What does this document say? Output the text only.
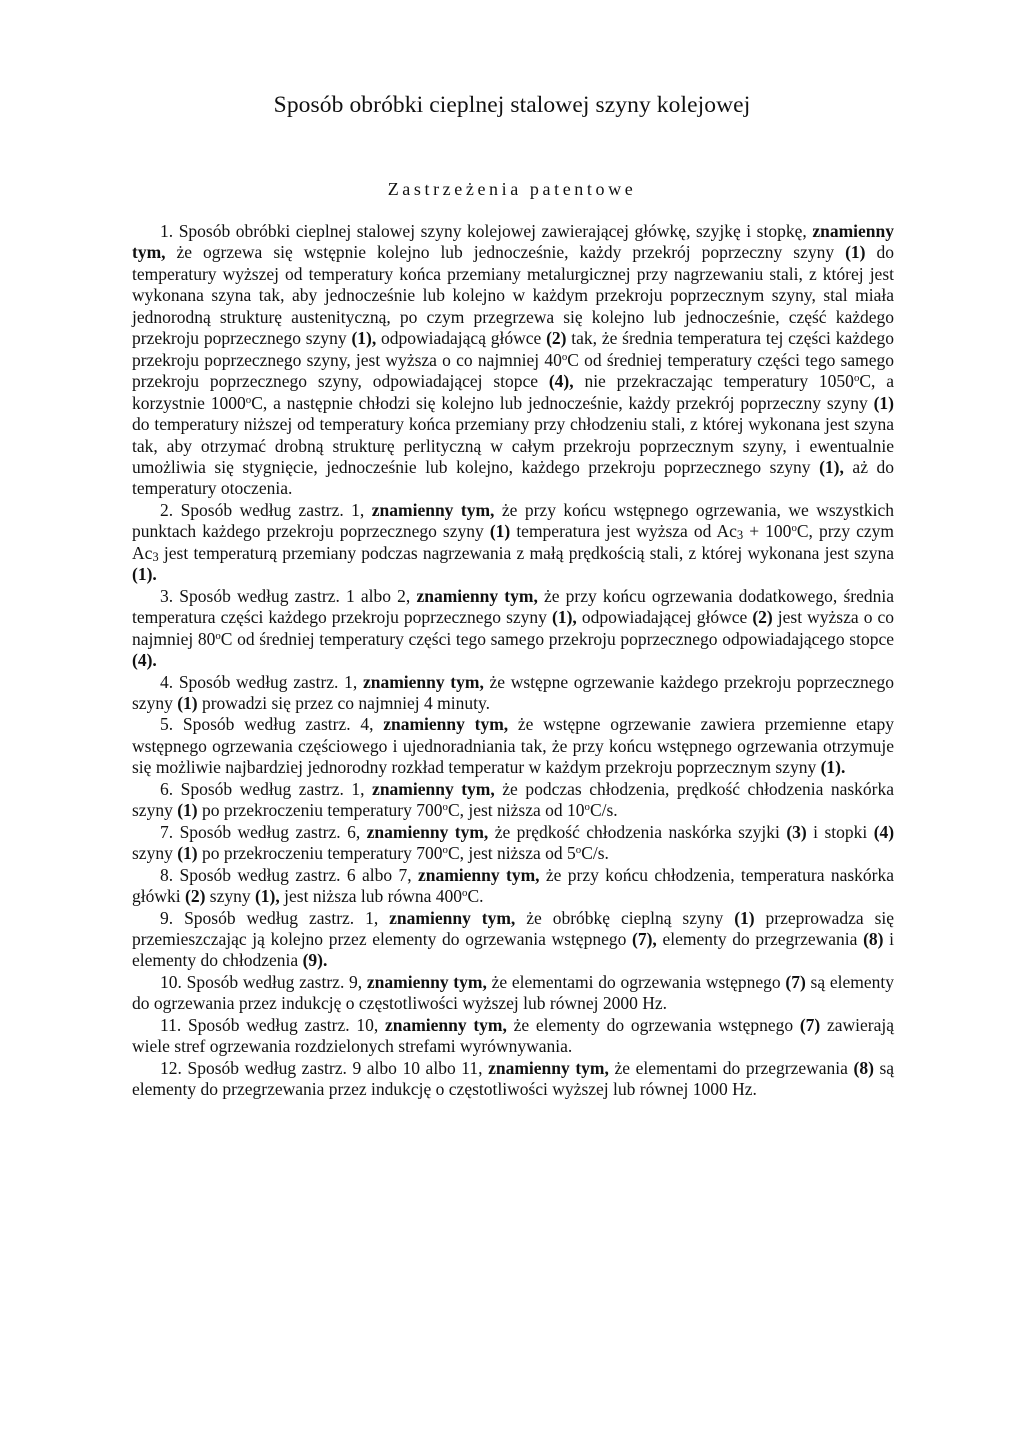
Sposób obróbki cieplnej stalowej szyny kolejowej
Zastrzeżenia patentowe

1. Sposób obróbki cieplnej stalowej szyny kolejowej zawierającej główkę, szyjkę i stopkę, znamienny tym, że ogrzewa się wstępnie kolejno lub jednocześnie, każdy przekrój poprzeczny szyny (1) do temperatury wyższej od temperatury końca przemiany metalurgicznej przy nagrzewaniu stali, z której jest wykonana szyna tak, aby jednocześnie lub kolejno w każdym przekroju poprzecznym szyny, stal miała jednorodną strukturę austenityczną, po czym przegrzewa się kolejno lub jednocześnie, część każdego przekroju poprzecznego szyny (1), odpowiadającą główce (2) tak, że średnia temperatura tej części każdego przekroju poprzecznego szyny, jest wyższa o co najmniej 40$^o$C od średniej temperatury części tego samego przekroju poprzecznego szyny, odpowiadającej stopce (4), nie przekraczając temperatury 1050$^o$C, a korzystnie 1000$^o$C, a następnie chłodzi się kolejno lub jednocześnie, każdy przekrój poprzeczny szyny (1) do temperatury niższej od temperatury końca przemiany przy chłodzeniu stali, z której wykonana jest szyna tak, aby otrzymać drobną strukturę perlityczną w całym przekroju poprzecznym szyny, i ewentualnie umożliwia się stygnięcie, jednocześnie lub kolejno, każdego przekroju poprzecznego szyny (1), aż do temperatury otoczenia.

2. Sposób według zastrz. 1, znamienny tym, że przy końcu wstępnego ogrzewania, we wszystkich punktach każdego przekroju poprzecznego szyny (1) temperatura jest wyższa od $Ac_3 + 100^oC$, przy czym $Ac_3$ jest temperaturą przemiany podczas nagrzewania z małą prędkością stali, z której wykonana jest szyna (1).

3. Sposób według zastrz. 1 albo 2, znamienny tym, że przy końcu ogrzewania dodatkowego, średnia temperatura części każdego przekroju poprzecznego szyny (1), odpowiadającej główce (2) jest wyższa o co najmniej 80$^o$C od średniej temperatury części tego samego przekroju poprzecznego odpowiadającego stopce (4).

4. Sposób według zastrz. 1, znamienny tym, że wstępne ogrzewanie każdego przekroju poprzecznego szyny (1) prowadzi się przez co najmniej 4 minuty.

5. Sposób według zastrz. 4, znamienny tym, że wstępne ogrzewanie zawiera przemienne etapy wstępnego ogrzewania częściowego i ujednoradniania tak, że przy końcu wstępnego ogrzewania otrzymuje się możliwie najbardziej jednorodny rozkład temperatur w każdym przekroju poprzecznym szyny (1).

6. Sposób według zastrz. 1, znamienny tym, że podczas chłodzenia, prędkość chłodzenia naskórka szyny (1) po przekroczeniu temperatury 700$^o$C, jest niższa od 10$^o$C/s.

7. Sposób według zastrz. 6, znamienny tym, że prędkość chłodzenia naskórka szyjki (3) i stopki (4) szyny (1) po przekroczeniu temperatury 700$^o$C, jest niższa od 5$^o$C/s.

8. Sposób według zastrz. 6 albo 7, znamienny tym, że przy końcu chłodzenia, temperatura naskórka główki (2) szyny (1), jest niższa lub równa 400$^o$C.

9. Sposób według zastrz. 1, znamienny tym, że obróbkę cieplną szyny (1) przeprowadza się przemieszczając ją kolejno przez elementy do ogrzewania wstępnego (7), elementy do przegrzewania (8) i elementy do chłodzenia (9).

10. Sposób według zastrz. 9, znamienny tym, że elementami do ogrzewania wstępnego (7) są elementy do ogrzewania przez indukcję o częstotliwości wyższej lub równej 2000 Hz.

11. Sposób według zastrz. 10, znamienny tym, że elementy do ogrzewania wstępnego (7) zawierają wiele stref ogrzewania rozdzielonych strefami wyrównywania.

12. Sposób według zastrz. 9 albo 10 albo 11, znamienny tym, że elementami do przegrzewania (8) są elementy do przegrzewania przez indukcję o częstotliwości wyższej lub równej 1000 Hz.
